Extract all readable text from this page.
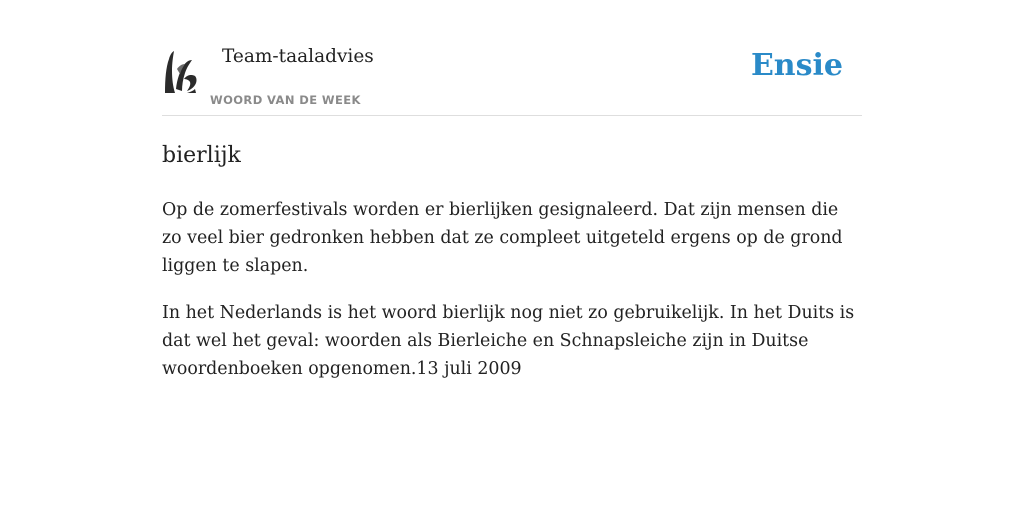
Team-taaladvies
WOORD VAN DE WEEK
Ensie
bierlijk

Op de zomerfestivals worden er bierlijken gesignaleerd. Dat zijn mensen die zo veel bier gedronken hebben dat ze compleet uitgeteld ergens op de grond liggen te slapen.

In het Nederlands is het woord bierlijk nog niet zo gebruikelijk. In het Duits is dat wel het geval: woorden als Bierleiche en Schnapsleiche zijn in Duitse woordenboeken opgenomen.13 juli 2009
